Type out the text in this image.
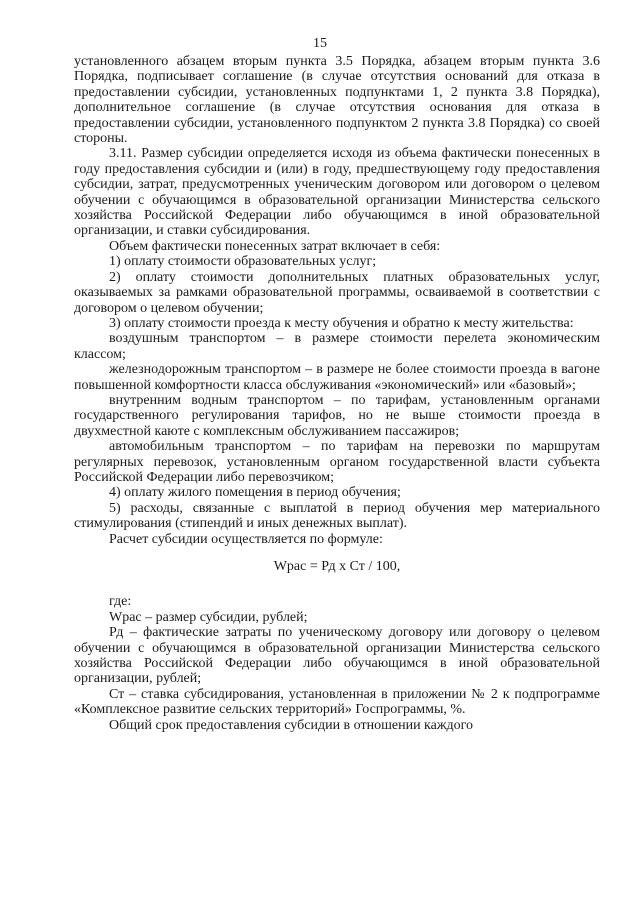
15

установленного абзацем вторым пункта 3.5 Порядка, абзацем вторым пункта 3.6 Порядка, подписывает соглашение (в случае отсутствия оснований для отказа в предоставлении субсидии, установленных подпунктами 1, 2 пункта 3.8 Порядка), дополнительное соглашение (в случае отсутствия основания для отказа в предоставлении субсидии, установленного подпунктом 2 пункта 3.8 Порядка) со своей стороны.

3.11. Размер субсидии определяется исходя из объема фактически понесенных в году предоставления субсидии и (или) в году, предшествующему году предоставления субсидии, затрат, предусмотренных ученическим договором или договором о целевом обучении с обучающимся в образовательной организации Министерства сельского хозяйства Российской Федерации либо обучающимся в иной образовательной организации, и ставки субсидирования.

Объем фактически понесенных затрат включает в себя:

1) оплату стоимости образовательных услуг;

2) оплату стоимости дополнительных платных образовательных услуг, оказываемых за рамками образовательной программы, осваиваемой в соответствии с договором о целевом обучении;

3) оплату стоимости проезда к месту обучения и обратно к месту жительства:

воздушным транспортом – в размере стоимости перелета экономическим классом;

железнодорожным транспортом – в размере не более стоимости проезда в вагоне повышенной комфортности класса обслуживания «экономический» или «базовый»;

внутренним водным транспортом – по тарифам, установленным органами государственного регулирования тарифов, но не выше стоимости проезда в двухместной каюте с комплексным обслуживанием пассажиров;

автомобильным транспортом – по тарифам на перевозки по маршрутам регулярных перевозок, установленным органом государственной власти субъекта Российской Федерации либо перевозчиком;

4) оплату жилого помещения в период обучения;

5) расходы, связанные с выплатой в период обучения мер материального стимулирования (стипендий и иных денежных выплат).

Расчет субсидии осуществляется по формуле:

Wрас = Рд x Ст / 100,

где:

Wрас – размер субсидии, рублей;

Рд – фактические затраты по ученическому договору или договору о целевом обучении с обучающимся в образовательной организации Министерства сельского хозяйства Российской Федерации либо обучающимся в иной образовательной организации, рублей;

Ст – ставка субсидирования, установленная в приложении № 2 к подпрограмме «Комплексное развитие сельских территорий» Госпрограммы, %.

Общий срок предоставления субсидии в отношении каждого
